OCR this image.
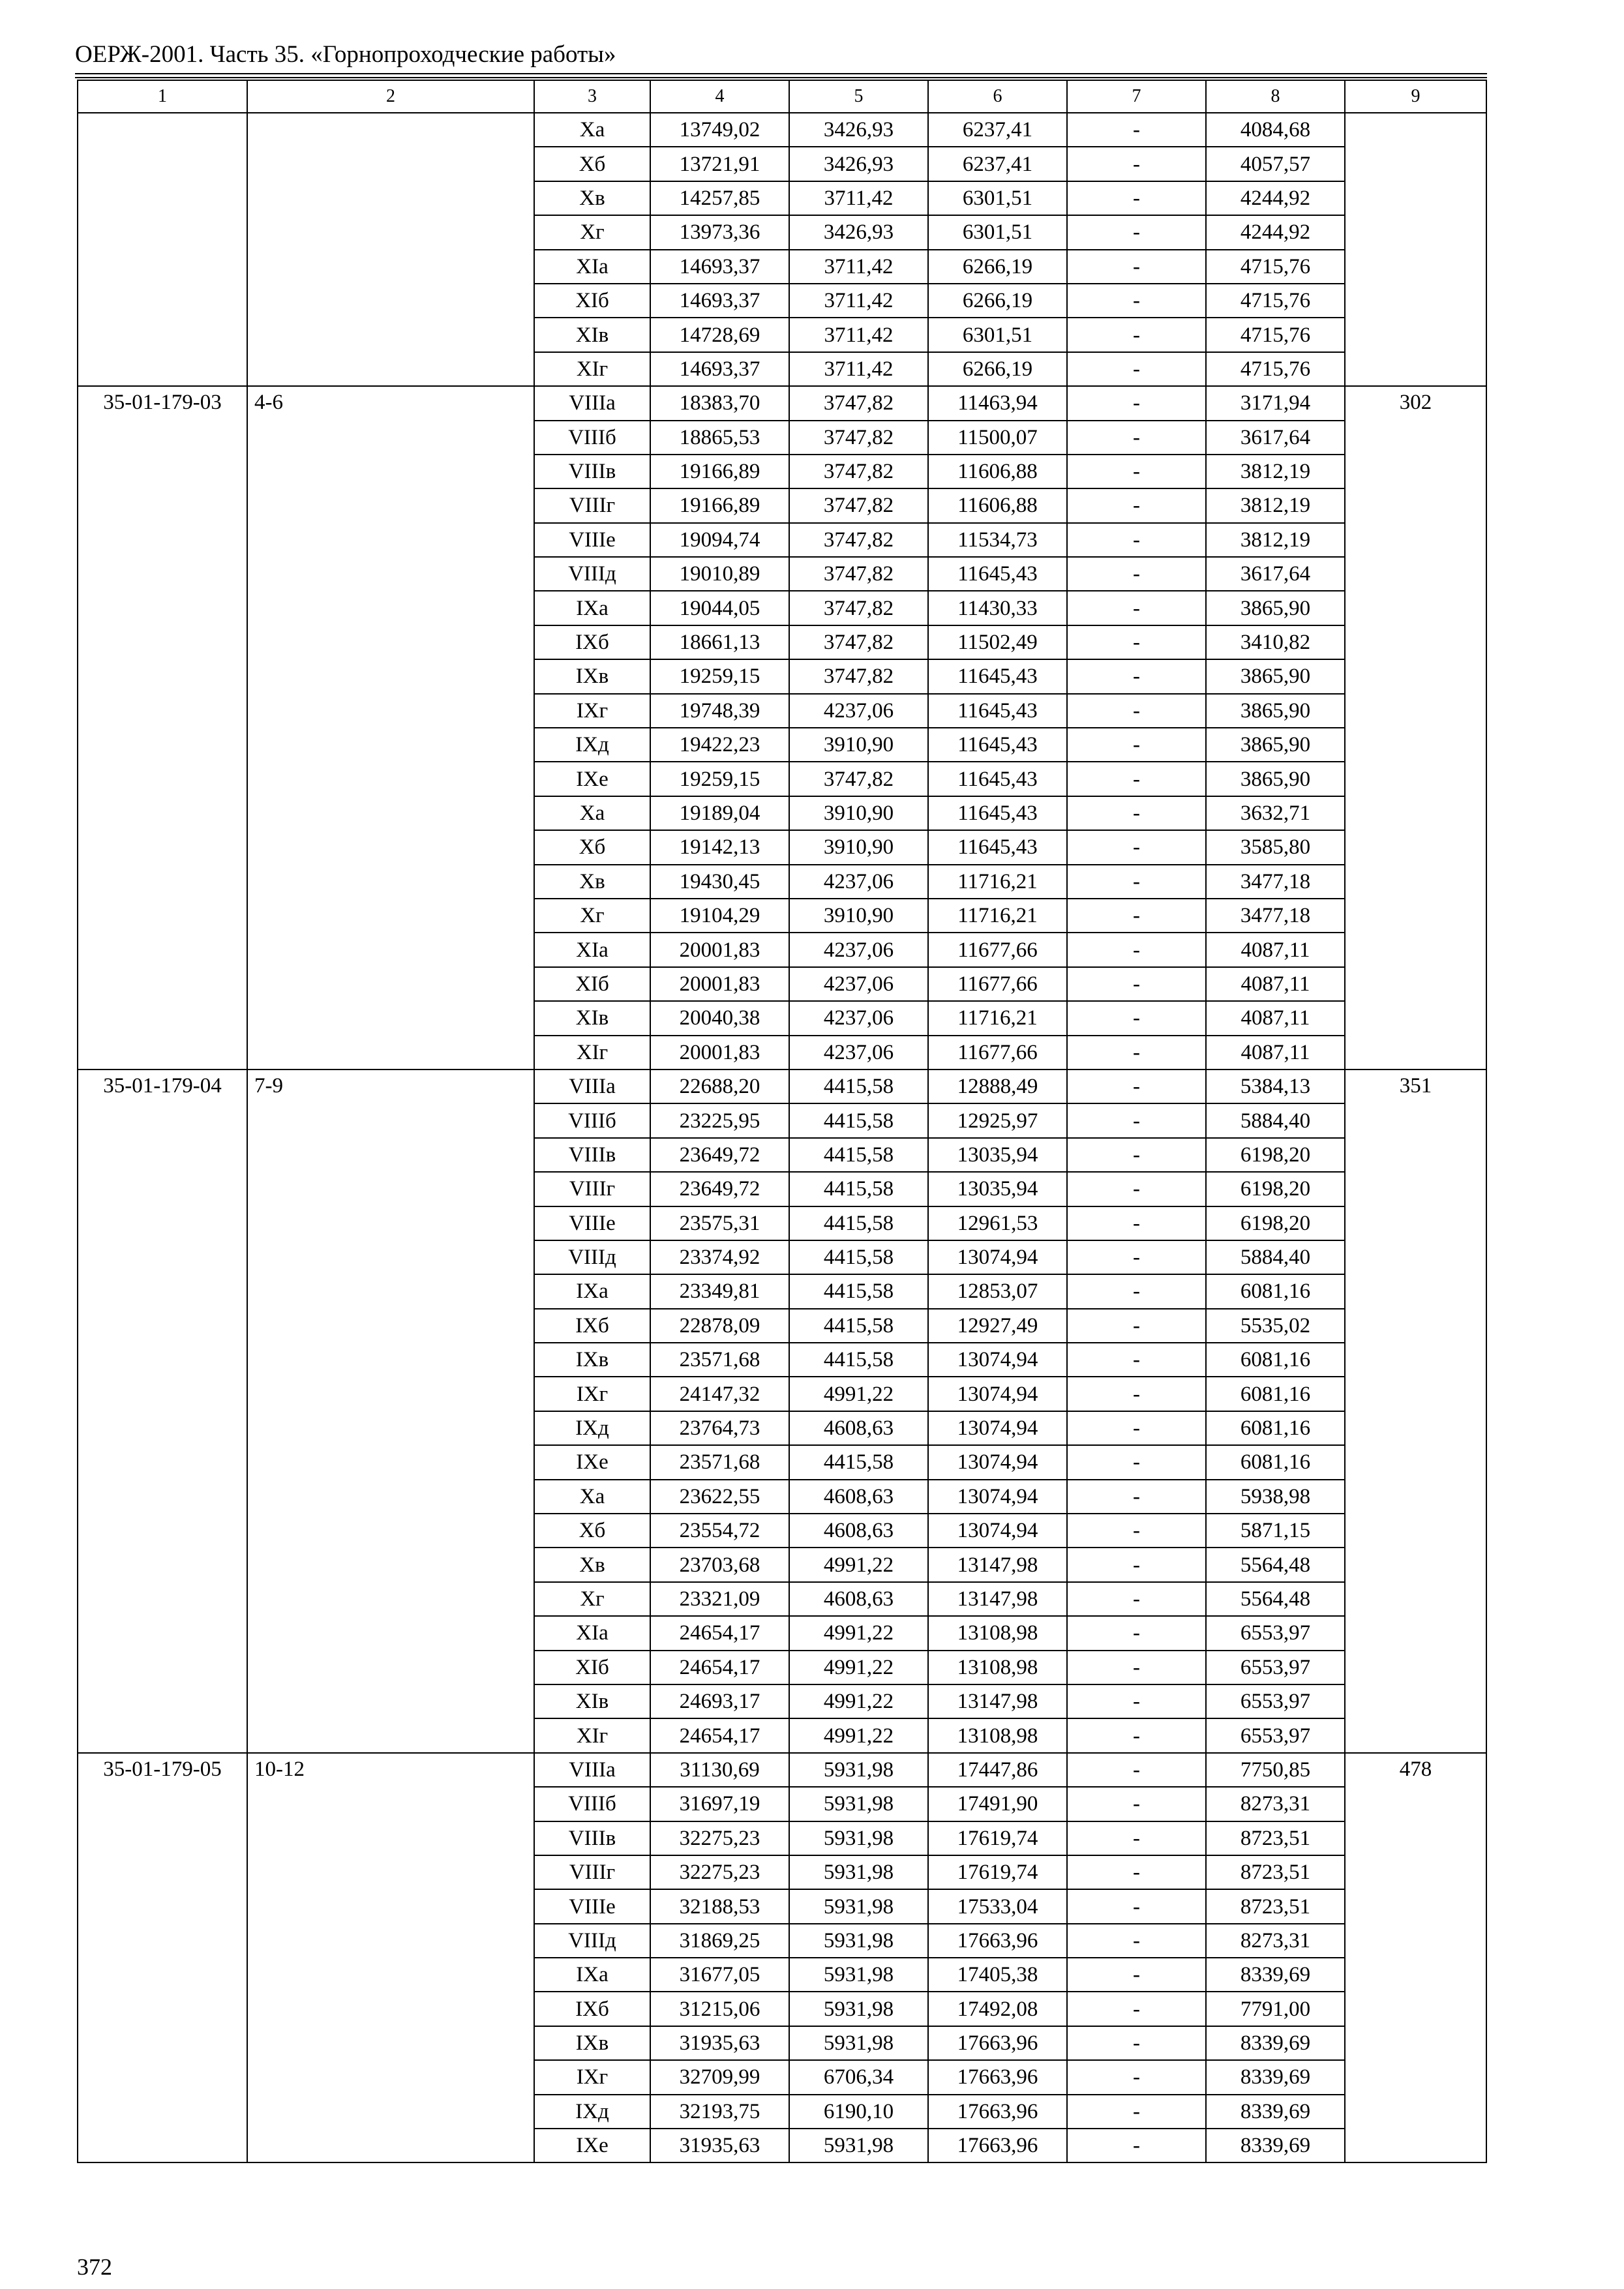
ОЕРЖ-2001. Часть 35. «Горнопроходческие работы»
1	2	3	4	5	6	7	8	9
		Xа	13749,02	3426,93	6237,41	-	4084,68	
		Xб	13721,91	3426,93	6237,41	-	4057,57	
		Xв	14257,85	3711,42	6301,51	-	4244,92	
		Xг	13973,36	3426,93	6301,51	-	4244,92	
		XIа	14693,37	3711,42	6266,19	-	4715,76	
		XIб	14693,37	3711,42	6266,19	-	4715,76	
		XIв	14728,69	3711,42	6301,51	-	4715,76	
		XIг	14693,37	3711,42	6266,19	-	4715,76	
35-01-179-03	4-6	VIIIа	18383,70	3747,82	11463,94	-	3171,94	302
		VIIIб	18865,53	3747,82	11500,07	-	3617,64	
		VIIIв	19166,89	3747,82	11606,88	-	3812,19	
		VIIIг	19166,89	3747,82	11606,88	-	3812,19	
		VIIIе	19094,74	3747,82	11534,73	-	3812,19	
		VIIIд	19010,89	3747,82	11645,43	-	3617,64	
		IXа	19044,05	3747,82	11430,33	-	3865,90	
		IXб	18661,13	3747,82	11502,49	-	3410,82	
		IXв	19259,15	3747,82	11645,43	-	3865,90	
		IXг	19748,39	4237,06	11645,43	-	3865,90	
		IXд	19422,23	3910,90	11645,43	-	3865,90	
		IXе	19259,15	3747,82	11645,43	-	3865,90	
		Xа	19189,04	3910,90	11645,43	-	3632,71	
		Xб	19142,13	3910,90	11645,43	-	3585,80	
		Xв	19430,45	4237,06	11716,21	-	3477,18	
		Xг	19104,29	3910,90	11716,21	-	3477,18	
		XIа	20001,83	4237,06	11677,66	-	4087,11	
		XIб	20001,83	4237,06	11677,66	-	4087,11	
		XIв	20040,38	4237,06	11716,21	-	4087,11	
		XIг	20001,83	4237,06	11677,66	-	4087,11	
35-01-179-04	7-9	VIIIа	22688,20	4415,58	12888,49	-	5384,13	351
		VIIIб	23225,95	4415,58	12925,97	-	5884,40	
		VIIIв	23649,72	4415,58	13035,94	-	6198,20	
		VIIIг	23649,72	4415,58	13035,94	-	6198,20	
		VIIIе	23575,31	4415,58	12961,53	-	6198,20	
		VIIIд	23374,92	4415,58	13074,94	-	5884,40	
		IXа	23349,81	4415,58	12853,07	-	6081,16	
		IXб	22878,09	4415,58	12927,49	-	5535,02	
		IXв	23571,68	4415,58	13074,94	-	6081,16	
		IXг	24147,32	4991,22	13074,94	-	6081,16	
		IXд	23764,73	4608,63	13074,94	-	6081,16	
		IXе	23571,68	4415,58	13074,94	-	6081,16	
		Xа	23622,55	4608,63	13074,94	-	5938,98	
		Xб	23554,72	4608,63	13074,94	-	5871,15	
		Xв	23703,68	4991,22	13147,98	-	5564,48	
		Xг	23321,09	4608,63	13147,98	-	5564,48	
		XIа	24654,17	4991,22	13108,98	-	6553,97	
		XIб	24654,17	4991,22	13108,98	-	6553,97	
		XIв	24693,17	4991,22	13147,98	-	6553,97	
		XIг	24654,17	4991,22	13108,98	-	6553,97	
35-01-179-05	10-12	VIIIа	31130,69	5931,98	17447,86	-	7750,85	478
		VIIIб	31697,19	5931,98	17491,90	-	8273,31	
		VIIIв	32275,23	5931,98	17619,74	-	8723,51	
		VIIIг	32275,23	5931,98	17619,74	-	8723,51	
		VIIIе	32188,53	5931,98	17533,04	-	8723,51	
		VIIIд	31869,25	5931,98	17663,96	-	8273,31	
		IXа	31677,05	5931,98	17405,38	-	8339,69	
		IXб	31215,06	5931,98	17492,08	-	7791,00	
		IXв	31935,63	5931,98	17663,96	-	8339,69	
		IXг	32709,99	6706,34	17663,96	-	8339,69	
		IXд	32193,75	6190,10	17663,96	-	8339,69	
		IXе	31935,63	5931,98	17663,96	-	8339,69	
372
